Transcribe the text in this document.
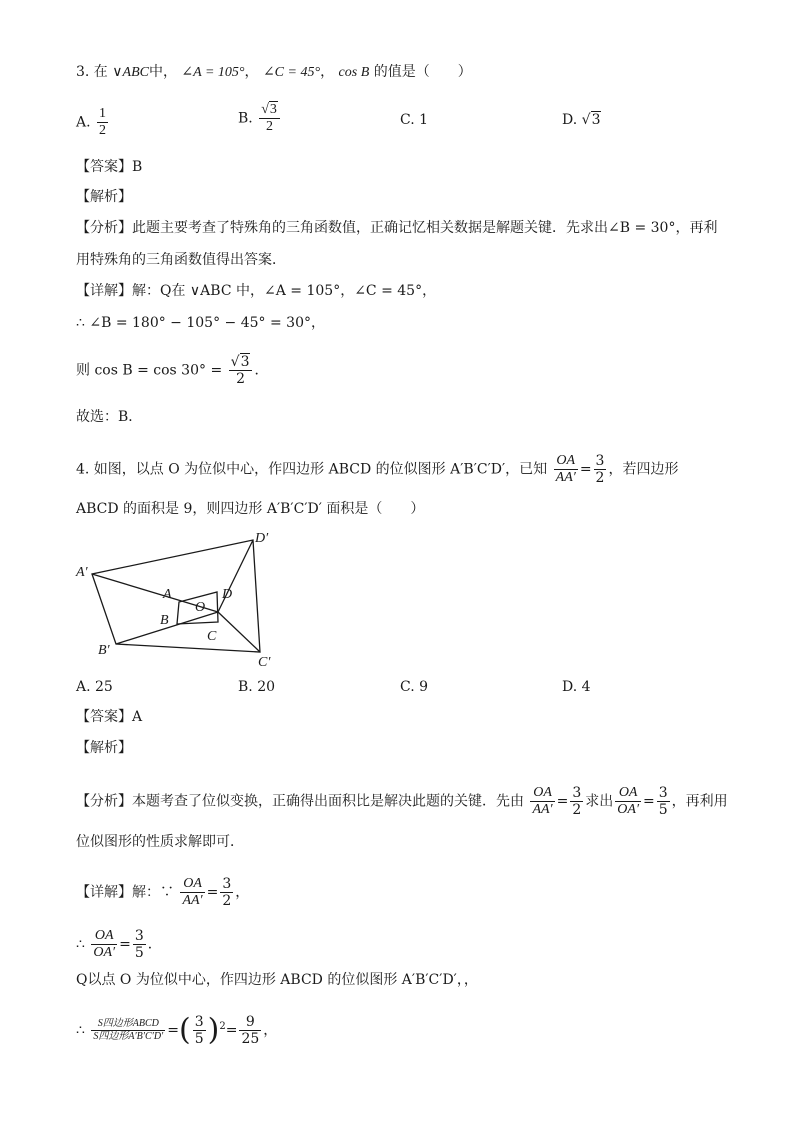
3. 在 ∨ABC中， ∠A = 105°， ∠C = 45°， cos B 的值是（　　）
A. $\frac{1}{2}$	B. $\frac{√3}{2}$	C. 1	D. √3
【答案】B
【解析】
【分析】此题主要考查了特殊角的三角函数值，正确记忆相关数据是解题关键．先求出∠B = 30°，再利
用特殊角的三角函数值得出答案．
【详解】解：Q在 ∨ABC 中，∠A = 105°，∠C = 45°，
∴ ∠B = 180° − 105° − 45° = 30°，
则 $\cos B = \cos 30^\circ = \frac{√3}{2}$ ．
故选：B．
4. 如图，以点 O 为位似中心，作四边形 ABCD 的位似图形 A′B′C′D′，已知 $\frac{OA}{AA'} = \frac{3}{2}$ ，若四边形
ABCD 的面积是 9，则四边形 A′B′C′D′ 面积是（　　）
A′
B′
C′
D′
A
B
C
D
O
A. 25	B. 20	C. 9	D. 4
【答案】A
【解析】
【分析】本题考查了位似变换，正确得出面积比是解决此题的关键．先由 $\frac{OA}{AA'} = \frac{3}{2}$ 求出 $\frac{OA}{OA'} = \frac{3}{5}$ ，再利用
位似图形的性质求解即可．
【详解】解：∵ $\frac{OA}{AA'} = \frac{3}{2}$ ，
∴ $\frac{OA}{OA'} = \frac{3}{5}$ ．
Q以点 O 为位似中心，作四边形 ABCD 的位似图形 A′B′C′D′，，
∴ $\frac{\text{S四边形ABCD}}{\text{S四边形A′B′C′D′}}$ =( $\frac{3}{5} )^2= \frac{9}{25}$ ，
